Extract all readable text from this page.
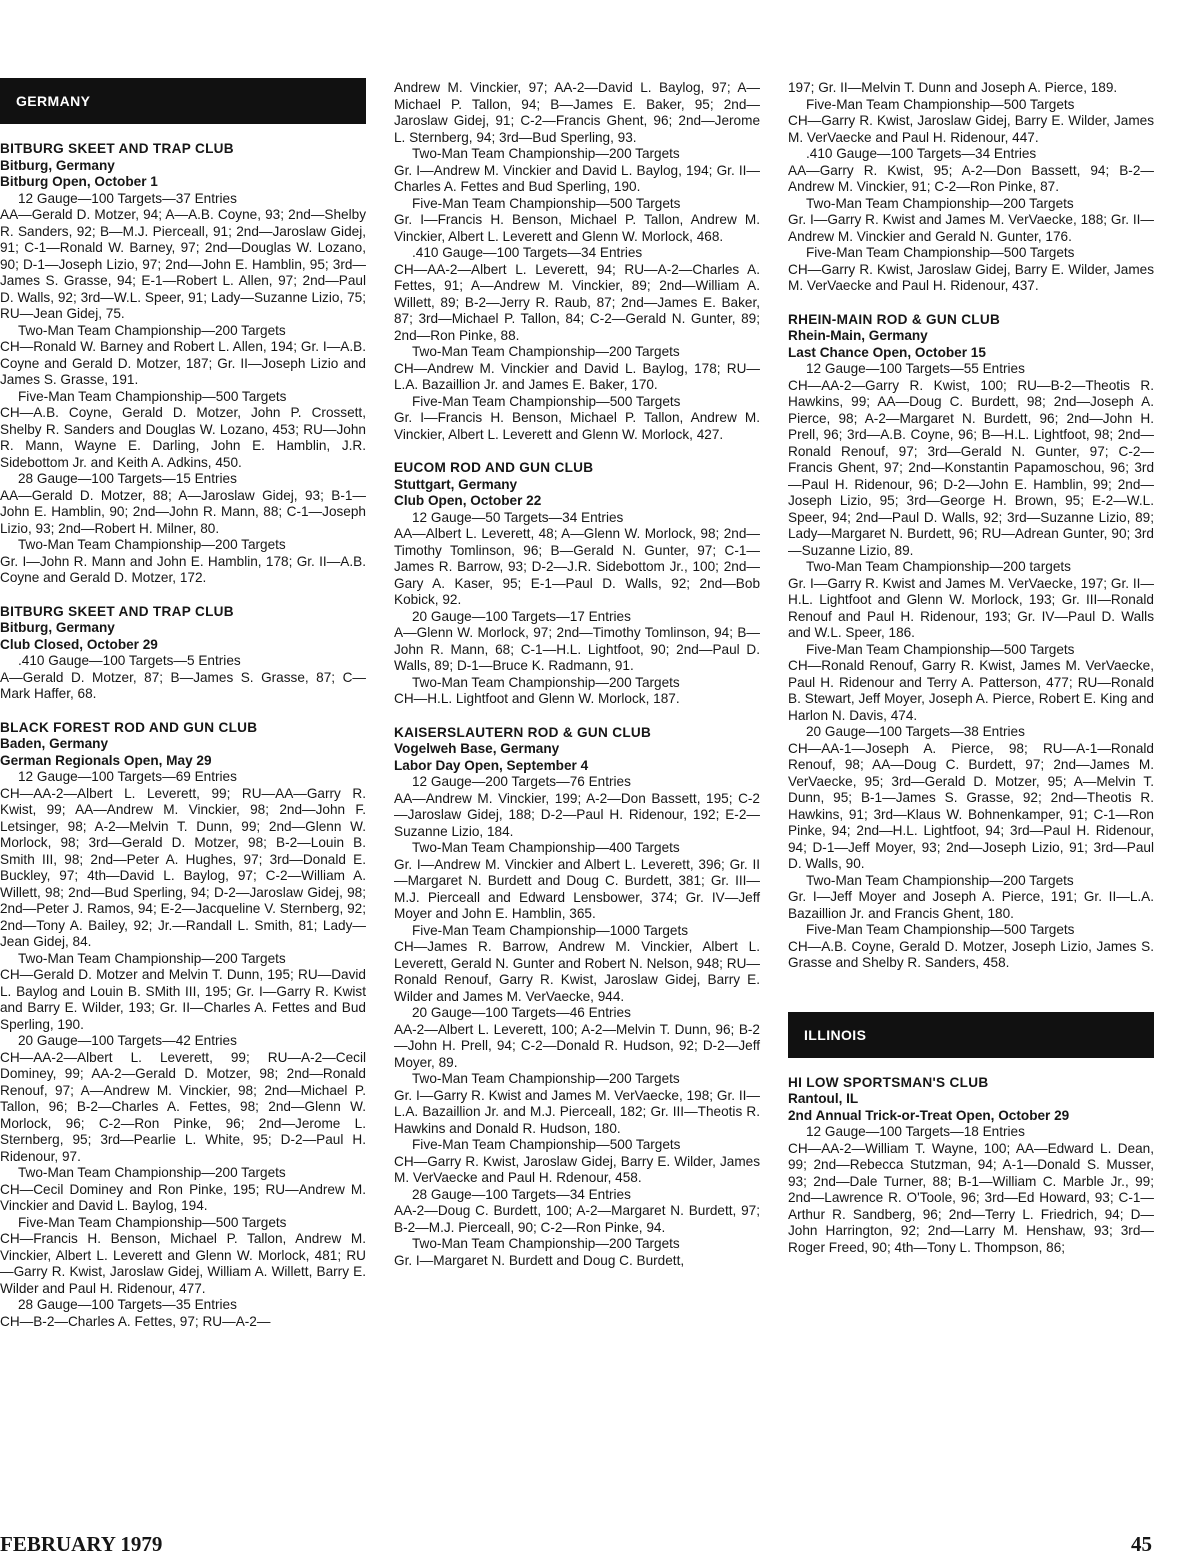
GERMANY
BITBURG SKEET AND TRAP CLUB
Bitburg, Germany
Bitburg Open, October 1
12 Gauge—100 Targets—37 Entries
AA—Gerald D. Motzer, 94; A—A.B. Coyne, 93; 2nd—Shelby R. Sanders, 92; B—M.J. Pierceall, 91; 2nd—Jaroslaw Gidej, 91; C-1—Ronald W. Barney, 97; 2nd—Douglas W. Lozano, 90; D-1—Joseph Lizio, 97; 2nd—John E. Hamblin, 95; 3rd—James S. Grasse, 94; E-1—Robert L. Allen, 97; 2nd—Paul D. Walls, 92; 3rd—W.L. Speer, 91; Lady—Suzanne Lizio, 75; RU—Jean Gidej, 75.
Two-Man Team Championship—200 Targets
CH—Ronald W. Barney and Robert L. Allen, 194; Gr. I—A.B. Coyne and Gerald D. Motzer, 187; Gr. II—Joseph Lizio and James S. Grasse, 191.
Five-Man Team Championship—500 Targets
CH—A.B. Coyne, Gerald D. Motzer, John P. Crossett, Shelby R. Sanders and Douglas W. Lozano, 453; RU—John R. Mann, Wayne E. Darling, John E. Hamblin, J.R. Sidebottom Jr. and Keith A. Adkins, 450.
28 Gauge—100 Targets—15 Entries
AA—Gerald D. Motzer, 88; A—Jaroslaw Gidej, 93; B-1—John E. Hamblin, 90; 2nd—John R. Mann, 88; C-1—Joseph Lizio, 93; 2nd—Robert H. Milner, 80.
Two-Man Team Championship—200 Targets
Gr. I—John R. Mann and John E. Hamblin, 178; Gr. II—A.B. Coyne and Gerald D. Motzer, 172.
BITBURG SKEET AND TRAP CLUB
Bitburg, Germany
Club Closed, October 29
.410 Gauge—100 Targets—5 Entries
A—Gerald D. Motzer, 87; B—James S. Grasse, 87; C—Mark Haffer, 68.
BLACK FOREST ROD AND GUN CLUB
Baden, Germany
German Regionals Open, May 29
12 Gauge—100 Targets—69 Entries
CH—AA-2—Albert L. Leverett, 99; RU—AA—Garry R. Kwist, 99; AA—Andrew M. Vinckier, 98; 2nd—John F. Letsinger, 98; A-2—Melvin T. Dunn, 99; 2nd—Glenn W. Morlock, 98; 3rd—Gerald D. Motzer, 98; B-2—Louin B. Smith III, 98; 2nd—Peter A. Hughes, 97; 3rd—Donald E. Buckley, 97; 4th—David L. Baylog, 97; C-2—William A. Willett, 98; 2nd—Bud Sperling, 94; D-2—Jaroslaw Gidej, 98; 2nd—Peter J. Ramos, 94; E-2—Jacqueline V. Sternberg, 92; 2nd—Tony A. Bailey, 92; Jr.—Randall L. Smith, 81; Lady—Jean Gidej, 84.
Two-Man Team Championship—200 Targets
CH—Gerald D. Motzer and Melvin T. Dunn, 195; RU—David L. Baylog and Louin B. SMith III, 195; Gr. I—Garry R. Kwist and Barry E. Wilder, 193; Gr. II—Charles A. Fettes and Bud Sperling, 190.
20 Gauge—100 Targets—42 Entries
CH—AA-2—Albert L. Leverett, 99; RU—A-2—Cecil Dominey, 99; AA-2—Gerald D. Motzer, 98; 2nd—Ronald Renouf, 97; A—Andrew M. Vinckier, 98; 2nd—Michael P. Tallon, 96; B-2—Charles A. Fettes, 98; 2nd—Glenn W. Morlock, 96; C-2—Ron Pinke, 96; 2nd—Jerome L. Sternberg, 95; 3rd—Pearlie L. White, 95; D-2—Paul H. Ridenour, 97.
Two-Man Team Championship—200 Targets
CH—Cecil Dominey and Ron Pinke, 195; RU—Andrew M. Vinckier and David L. Baylog, 194.
Five-Man Team Championship—500 Targets
CH—Francis H. Benson, Michael P. Tallon, Andrew M. Vinckier, Albert L. Leverett and Glenn W. Morlock, 481; RU—Garry R. Kwist, Jaroslaw Gidej, William A. Willett, Barry E. Wilder and Paul H. Ridenour, 477.
28 Gauge—100 Targets—35 Entries
CH—B-2—Charles A. Fettes, 97; RU—A-2—
Andrew M. Vinckier, 97; AA-2—David L. Baylog, 97; A—Michael P. Tallon, 94; B—James E. Baker, 95; 2nd—Jaroslaw Gidej, 91; C-2—Francis Ghent, 96; 2nd—Jerome L. Sternberg, 94; 3rd—Bud Sperling, 93.
Two-Man Team Championship—200 Targets
Gr. I—Andrew M. Vinckier and David L. Baylog, 194; Gr. II—Charles A. Fettes and Bud Sperling, 190.
Five-Man Team Championship—500 Targets
Gr. I—Francis H. Benson, Michael P. Tallon, Andrew M. Vinckier, Albert L. Leverett and Glenn W. Morlock, 468.
.410 Gauge—100 Targets—34 Entries
CH—AA-2—Albert L. Leverett, 94; RU—A-2—Charles A. Fettes, 91; A—Andrew M. Vinckier, 89; 2nd—William A. Willett, 89; B-2—Jerry R. Raub, 87; 2nd—James E. Baker, 87; 3rd—Michael P. Tallon, 84; C-2—Gerald N. Gunter, 89; 2nd—Ron Pinke, 88.
Two-Man Team Championship—200 Targets
CH—Andrew M. Vinckier and David L. Baylog, 178; RU—L.A. Bazaillion Jr. and James E. Baker, 170.
Five-Man Team Championship—500 Targets
Gr. I—Francis H. Benson, Michael P. Tallon, Andrew M. Vinckier, Albert L. Leverett and Glenn W. Morlock, 427.
EUCOM ROD AND GUN CLUB
Stuttgart, Germany
Club Open, October 22
12 Gauge—50 Targets—34 Entries
AA—Albert L. Leverett, 48; A—Glenn W. Morlock, 98; 2nd—Timothy Tomlinson, 96; B—Gerald N. Gunter, 97; C-1—James R. Barrow, 93; D-2—J.R. Sidebottom Jr., 100; 2nd—Gary A. Kaser, 95; E-1—Paul D. Walls, 92; 2nd—Bob Kobick, 92.
20 Gauge—100 Targets—17 Entries
A—Glenn W. Morlock, 97; 2nd—Timothy Tomlinson, 94; B—John R. Mann, 68; C-1—H.L. Lightfoot, 90; 2nd—Paul D. Walls, 89; D-1—Bruce K. Radmann, 91.
Two-Man Team Championship—200 Targets
CH—H.L. Lightfoot and Glenn W. Morlock, 187.
KAISERSLAUTERN ROD & GUN CLUB
Vogelweh Base, Germany
Labor Day Open, September 4
12 Gauge—200 Targets—76 Entries
AA—Andrew M. Vinckier, 199; A-2—Don Bassett, 195; C-2—Jaroslaw Gidej, 188; D-2—Paul H. Ridenour, 192; E-2—Suzanne Lizio, 184.
Two-Man Team Championship—400 Targets
Gr. I—Andrew M. Vinckier and Albert L. Leverett, 396; Gr. II—Margaret N. Burdett and Doug C. Burdett, 381; Gr. III—M.J. Pierceall and Edward Lensbower, 374; Gr. IV—Jeff Moyer and John E. Hamblin, 365.
Five-Man Team Championship—1000 Targets
CH—James R. Barrow, Andrew M. Vinckier, Albert L. Leverett, Gerald N. Gunter and Robert N. Nelson, 948; RU—Ronald Renouf, Garry R. Kwist, Jaroslaw Gidej, Barry E. Wilder and James M. VerVaecke, 944.
20 Gauge—100 Targets—46 Entries
AA-2—Albert L. Leverett, 100; A-2—Melvin T. Dunn, 96; B-2—John H. Prell, 94; C-2—Donald R. Hudson, 92; D-2—Jeff Moyer, 89.
Two-Man Team Championship—200 Targets
Gr. I—Garry R. Kwist and James M. VerVaecke, 198; Gr. II—L.A. Bazaillion Jr. and M.J. Pierceall, 182; Gr. III—Theotis R. Hawkins and Donald R. Hudson, 180.
Five-Man Team Championship—500 Targets
CH—Garry R. Kwist, Jaroslaw Gidej, Barry E. Wilder, James M. VerVaecke and Paul H. Rdenour, 458.
28 Gauge—100 Targets—34 Entries
AA-2—Doug C. Burdett, 100; A-2—Margaret N. Burdett, 97; B-2—M.J. Pierceall, 90; C-2—Ron Pinke, 94.
Two-Man Team Championship—200 Targets
Gr. I—Margaret N. Burdett and Doug C. Burdett,
197; Gr. II—Melvin T. Dunn and Joseph A. Pierce, 189.
Five-Man Team Championship—500 Targets
CH—Garry R. Kwist, Jaroslaw Gidej, Barry E. Wilder, James M. VerVaecke and Paul H. Ridenour, 447.
.410 Gauge—100 Targets—34 Entries
AA—Garry R. Kwist, 95; A-2—Don Bassett, 94; B-2—Andrew M. Vinckier, 91; C-2—Ron Pinke, 87.
Two-Man Team Championship—200 Targets
Gr. I—Garry R. Kwist and James M. VerVaecke, 188; Gr. II—Andrew M. Vinckier and Gerald N. Gunter, 176.
Five-Man Team Championship—500 Targets
CH—Garry R. Kwist, Jaroslaw Gidej, Barry E. Wilder, James M. VerVaecke and Paul H. Ridenour, 437.
RHEIN-MAIN ROD & GUN CLUB
Rhein-Main, Germany
Last Chance Open, October 15
12 Gauge—100 Targets—55 Entries
CH—AA-2—Garry R. Kwist, 100; RU—B-2—Theotis R. Hawkins, 99; AA—Doug C. Burdett, 98; 2nd—Joseph A. Pierce, 98; A-2—Margaret N. Burdett, 96; 2nd—John H. Prell, 96; 3rd—A.B. Coyne, 96; B—H.L. Lightfoot, 98; 2nd—Ronald Renouf, 97; 3rd—Gerald N. Gunter, 97; C-2—Francis Ghent, 97; 2nd—Konstantin Papamoschou, 96; 3rd—Paul H. Ridenour, 96; D-2—John E. Hamblin, 99; 2nd—Joseph Lizio, 95; 3rd—George H. Brown, 95; E-2—W.L. Speer, 94; 2nd—Paul D. Walls, 92; 3rd—Suzanne Lizio, 89; Lady—Margaret N. Burdett, 96; RU—Adrean Gunter, 90; 3rd—Suzanne Lizio, 89.
Two-Man Team Championship—200 targets
Gr. I—Garry R. Kwist and James M. VerVaecke, 197; Gr. II—H.L. Lightfoot and Glenn W. Morlock, 193; Gr. III—Ronald Renouf and Paul H. Ridenour, 193; Gr. IV—Paul D. Walls and W.L. Speer, 186.
Five-Man Team Championship—500 Targets
CH—Ronald Renouf, Garry R. Kwist, James M. VerVaecke, Paul H. Ridenour and Terry A. Patterson, 477; RU—Ronald B. Stewart, Jeff Moyer, Joseph A. Pierce, Robert E. King and Harlon N. Davis, 474.
20 Gauge—100 Targets—38 Entries
CH—AA-1—Joseph A. Pierce, 98; RU—A-1—Ronald Renouf, 98; AA—Doug C. Burdett, 97; 2nd—James M. VerVaecke, 95; 3rd—Gerald D. Motzer, 95; A—Melvin T. Dunn, 95; B-1—James S. Grasse, 92; 2nd—Theotis R. Hawkins, 91; 3rd—Klaus W. Bohnenkamper, 91; C-1—Ron Pinke, 94; 2nd—H.L. Lightfoot, 94; 3rd—Paul H. Ridenour, 94; D-1—Jeff Moyer, 93; 2nd—Joseph Lizio, 91; 3rd—Paul D. Walls, 90.
Two-Man Team Championship—200 Targets
Gr. I—Jeff Moyer and Joseph A. Pierce, 191; Gr. II—L.A. Bazaillion Jr. and Francis Ghent, 180.
Five-Man Team Championship—500 Targets
CH—A.B. Coyne, Gerald D. Motzer, Joseph Lizio, James S. Grasse and Shelby R. Sanders, 458.
ILLINOIS
HI LOW SPORTSMAN'S CLUB
Rantoul, IL
2nd Annual Trick-or-Treat Open, October 29
12 Gauge—100 Targets—18 Entries
CH—AA-2—William T. Wayne, 100; AA—Edward L. Dean, 99; 2nd—Rebecca Stutzman, 94; A-1—Donald S. Musser, 93; 2nd—Dale Turner, 88; B-1—William C. Marble Jr., 99; 2nd—Lawrence R. O'Toole, 96; 3rd—Ed Howard, 93; C-1—Arthur R. Sandberg, 96; 2nd—Terry L. Friedrich, 94; D—John Harrington, 92; 2nd—Larry M. Henshaw, 93; 3rd—Roger Freed, 90; 4th—Tony L. Thompson, 86;
FEBRUARY 1979	45
